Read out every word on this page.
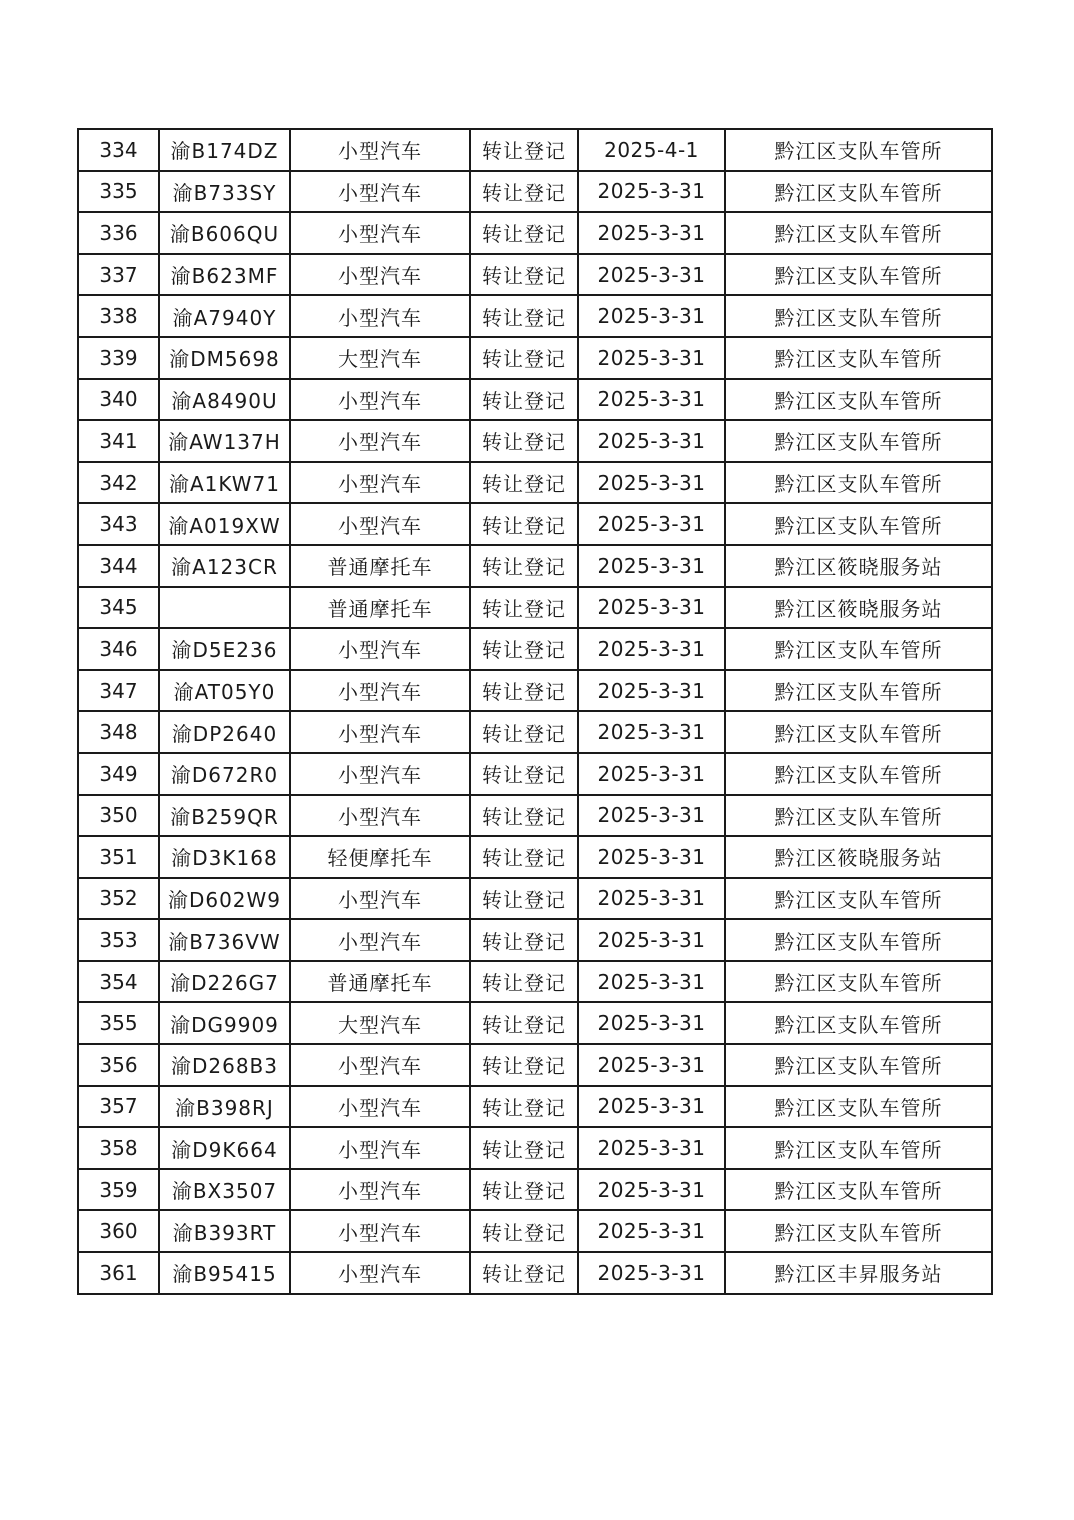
334	渝B174DZ	小型汽车	转让登记	2025-4-1	黔江区支队车管所
335	渝B733SY	小型汽车	转让登记	2025-3-31	黔江区支队车管所
336	渝B606QU	小型汽车	转让登记	2025-3-31	黔江区支队车管所
337	渝B623MF	小型汽车	转让登记	2025-3-31	黔江区支队车管所
338	渝A7940Y	小型汽车	转让登记	2025-3-31	黔江区支队车管所
339	渝DM5698	大型汽车	转让登记	2025-3-31	黔江区支队车管所
340	渝A8490U	小型汽车	转让登记	2025-3-31	黔江区支队车管所
341	渝AW137H	小型汽车	转让登记	2025-3-31	黔江区支队车管所
342	渝A1KW71	小型汽车	转让登记	2025-3-31	黔江区支队车管所
343	渝A019XW	小型汽车	转让登记	2025-3-31	黔江区支队车管所
344	渝A123CR	普通摩托车	转让登记	2025-3-31	黔江区筱晓服务站
345		普通摩托车	转让登记	2025-3-31	黔江区筱晓服务站
346	渝D5E236	小型汽车	转让登记	2025-3-31	黔江区支队车管所
347	渝AT05Y0	小型汽车	转让登记	2025-3-31	黔江区支队车管所
348	渝DP2640	小型汽车	转让登记	2025-3-31	黔江区支队车管所
349	渝D672R0	小型汽车	转让登记	2025-3-31	黔江区支队车管所
350	渝B259QR	小型汽车	转让登记	2025-3-31	黔江区支队车管所
351	渝D3K168	轻便摩托车	转让登记	2025-3-31	黔江区筱晓服务站
352	渝D602W9	小型汽车	转让登记	2025-3-31	黔江区支队车管所
353	渝B736VW	小型汽车	转让登记	2025-3-31	黔江区支队车管所
354	渝D226G7	普通摩托车	转让登记	2025-3-31	黔江区支队车管所
355	渝DG9909	大型汽车	转让登记	2025-3-31	黔江区支队车管所
356	渝D268B3	小型汽车	转让登记	2025-3-31	黔江区支队车管所
357	渝B398RJ	小型汽车	转让登记	2025-3-31	黔江区支队车管所
358	渝D9K664	小型汽车	转让登记	2025-3-31	黔江区支队车管所
359	渝BX3507	小型汽车	转让登记	2025-3-31	黔江区支队车管所
360	渝B393RT	小型汽车	转让登记	2025-3-31	黔江区支队车管所
361	渝B95415	小型汽车	转让登记	2025-3-31	黔江区丰昇服务站
